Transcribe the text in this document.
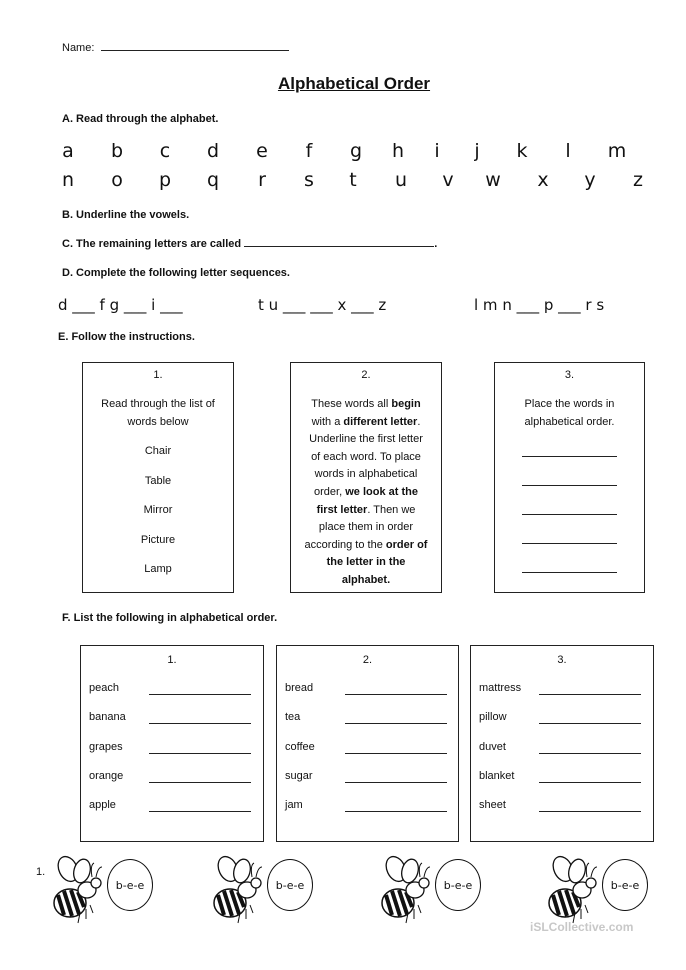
Name:
Alphabetical Order
A. Read through the alphabet.
a b c d e f g h i j k l m
n o p q r s t u v w x y z
B. Underline the vowels.
C. The remaining letters are called	.
D. Complete the following letter sequences.
d ___ f g ___ i ___	t u ___ ___ x ___ z	l m n ___ p ___ r s
E. Follow the instructions.
1.
Read through the list of
words below
Chair
Table
Mirror
Picture
Lamp
2.
These words all begin
with a different letter.
Underline the first letter
of each word. To place
words in alphabetical
order, we look at the
first letter. Then we
place them in order
according to the order of
the letter in the
alphabet.
3.
Place the words in
alphabetical order.
F. List the following in alphabetical order.
1.
peach
banana
grapes
orange
apple
2.
bread
tea
coffee
sugar
jam
3.
mattress
pillow
duvet
blanket
sheet
b-e-e	b-e-e	b-e-e	b-e-e
1.
iSLCollective.com
